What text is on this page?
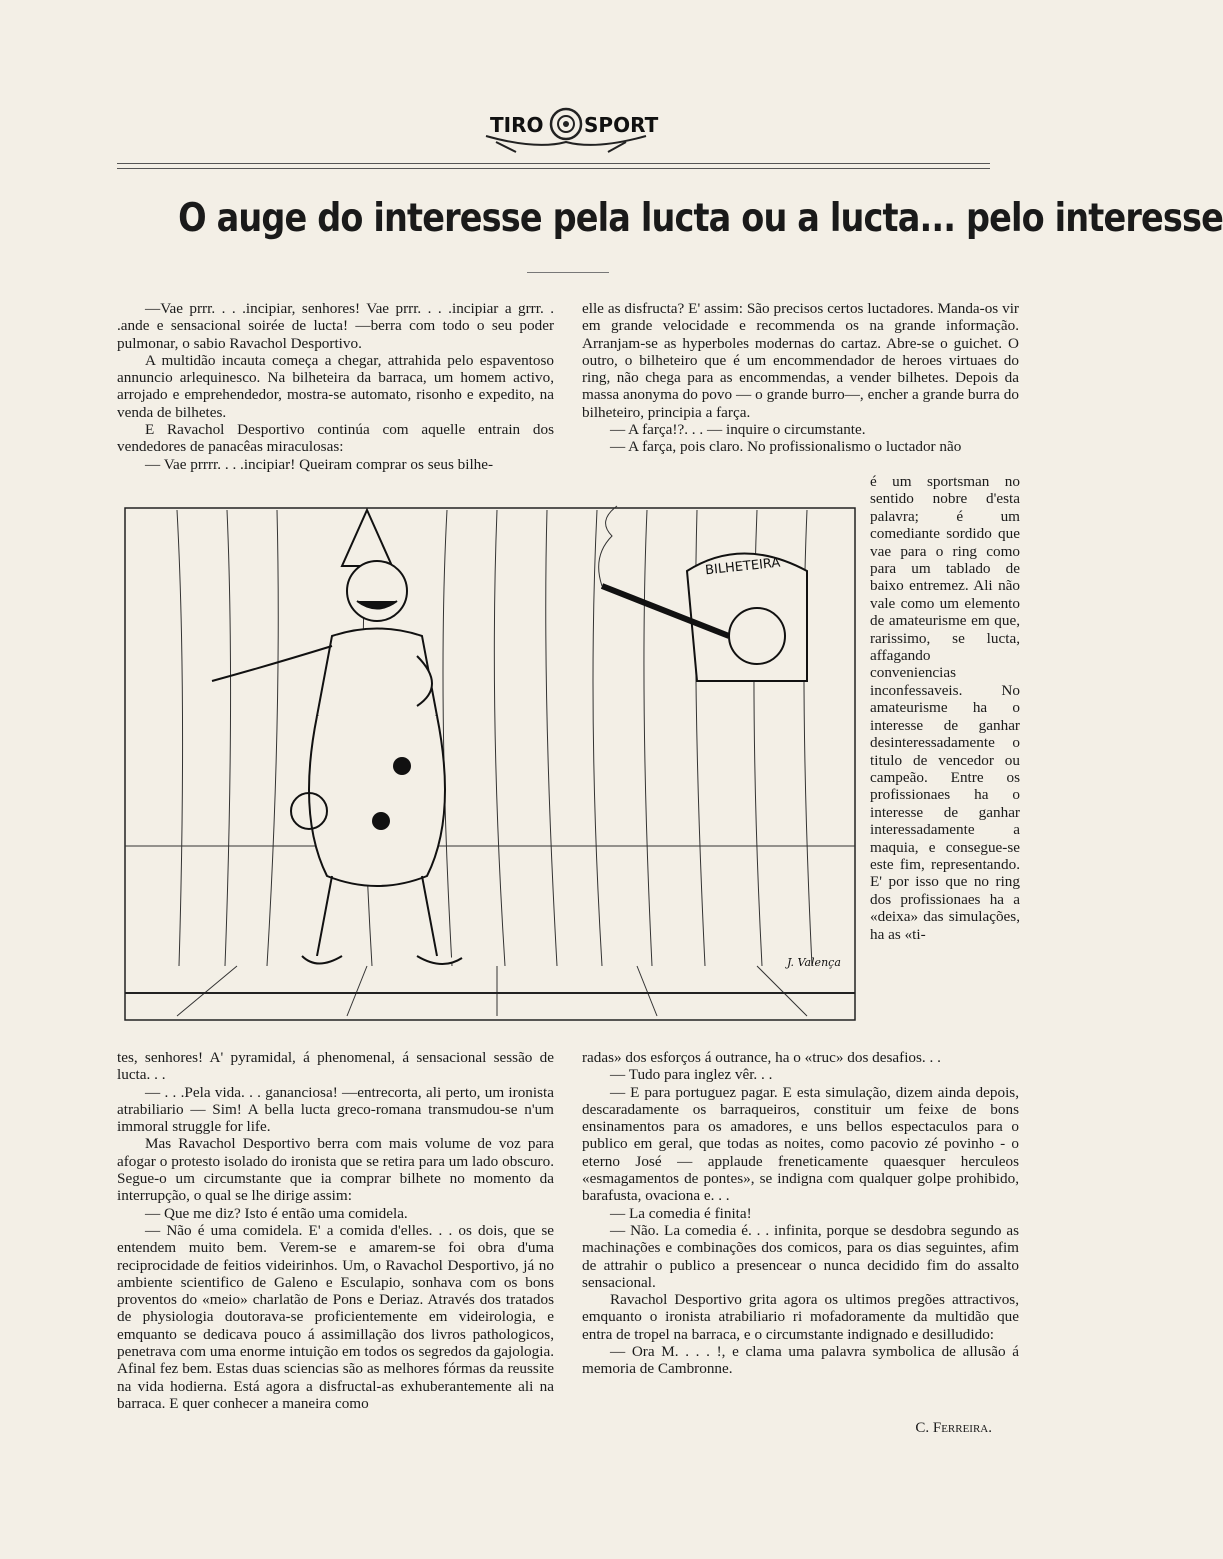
TIRO SPORT
O auge do interesse pela lucta ou a lucta... pelo interesse

—Vae prrr. . . .incipiar, senhores! Vae prrr. . . .incipiar a grrr. . .ande e sensacional soirée de lucta! —berra com todo o seu poder pulmonar, o sabio Ravachol Desportivo.

A multidão incauta começa a chegar, attrahida pelo espaventoso annuncio arlequinesco. Na bilheteira da barraca, um homem activo, arrojado e emprehendedor, mostra-se automato, risonho e expedito, na venda de bilhetes.

E Ravachol Desportivo continúa com aquelle entrain dos vendedores de panacêas miraculosas:

— Vae prrrr. . . .incipiar! Queiram comprar os seus bilhe-

elle as disfructa? E' assim: São precisos certos luctadores. Manda-os vir em grande velocidade e recommenda os na grande informação. Arranjam-se as hyperboles modernas do cartaz. Abre-se o guichet. O outro, o bilheteiro que é um encommendador de heroes virtuaes do ring, não chega para as encommendas, a vender bilhetes. Depois da massa anonyma do povo — o grande burro—, encher a grande burra do bilheteiro, principia a farça.

— A farça!?. . . — inquire o circumstante.

— A farça, pois claro. No profissionalismo o luctador não

é um sportsman no sentido nobre d'esta palavra; é um comediante sordido que vae para o ring como para um tablado de baixo entremez. Ali não vale como um elemento de amateurisme em que, rarissimo, se lucta, affagando conveniencias inconfessaveis. No amateurisme ha o interesse de ganhar desinteressadamente o titulo de vencedor ou campeão. Entre os profissionaes ha o interesse de ganhar interessadamente a maquia, e consegue-se este fim, representando. E' por isso que no ring dos profissionaes ha a «deixa» das simulações, ha as «ti-

BILHETEIRA
J. Valença

tes, senhores! A' pyramidal, á phenomenal, á sensacional sessão de lucta. . .

— . . .Pela vida. . . gananciosa! —entrecorta, ali perto, um ironista atrabiliario — Sim! A bella lucta greco-romana transmudou-se n'um immoral struggle for life.

Mas Ravachol Desportivo berra com mais volume de voz para afogar o protesto isolado do ironista que se retira para um lado obscuro. Segue-o um circumstante que ia comprar bilhete no momento da interrupção, o qual se lhe dirige assim:

— Que me diz? Isto é então uma comidela.

— Não é uma comidela. E' a comida d'elles. . . os dois, que se entendem muito bem. Verem-se e amarem-se foi obra d'uma reciprocidade de feitios videirinhos. Um, o Ravachol Desportivo, já no ambiente scientifico de Galeno e Esculapio, sonhava com os bons proventos do «meio» charlatão de Pons e Deriaz. Através dos tratados de physiologia doutorava-se proficientemente em videirologia, e emquanto se dedicava pouco á assimillação dos livros pathologicos, penetrava com uma enorme intuição em todos os segredos da gajologia. Afinal fez bem. Estas duas sciencias são as melhores fórmas da reussite na vida hodierna. Está agora a disfructal-as exhuberantemente ali na barraca. E quer conhecer a maneira como

radas» dos esforços á outrance, ha o «truc» dos desafios. . .

— Tudo para inglez vêr. . .

— E para portuguez pagar. E esta simulação, dizem ainda depois, descaradamente os barraqueiros, constituir um feixe de bons ensinamentos para os amadores, e uns bellos espectaculos para o publico em geral, que todas as noites, como pacovio zé povinho - o eterno José — applaude freneticamente quaesquer herculeos «esmagamentos de pontes», se indigna com qualquer golpe prohibido, barafusta, ovaciona e. . .

— La comedia é finita!

— Não. La comedia é. . . infinita, porque se desdobra segundo as machinações e combinações dos comicos, para os dias seguintes, afim de attrahir o publico a presencear o nunca decidido fim do assalto sensacional.

Ravachol Desportivo grita agora os ultimos pregões attractivos, emquanto o ironista atrabiliario ri mofadoramente da multidão que entra de tropel na barraca, e o circumstante indignado e desilludido:

— Ora M. . . . !, e clama uma palavra symbolica de allusão á memoria de Cambronne.

C. Ferreira.
